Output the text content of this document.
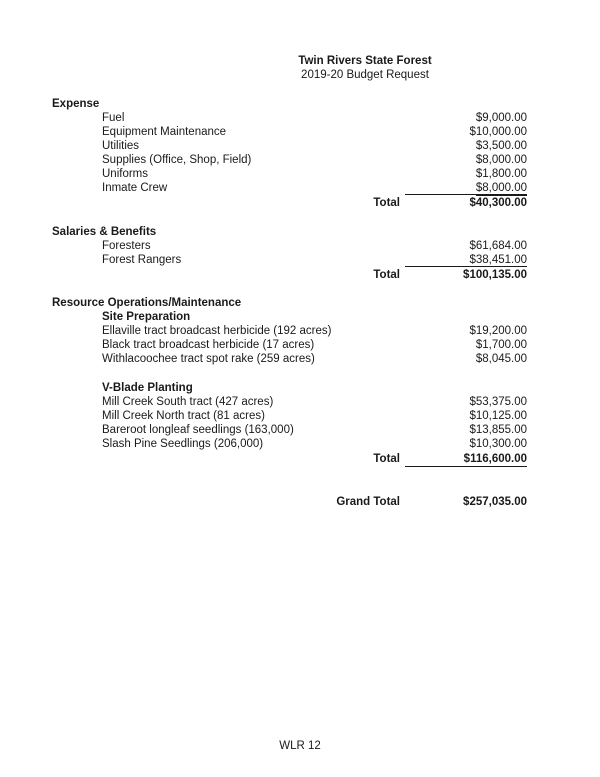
Twin Rivers State Forest
2019-20 Budget Request
Expense
Fuel	$9,000.00
Equipment Maintenance	$10,000.00
Utilities	$3,500.00
Supplies (Office, Shop, Field)	$8,000.00
Uniforms	$1,800.00
Inmate Crew	$8,000.00
Total	$40,300.00
Salaries & Benefits
Foresters	$61,684.00
Forest Rangers	$38,451.00
Total	$100,135.00
Resource Operations/Maintenance
Site Preparation
Ellaville tract broadcast herbicide (192 acres)	$19,200.00
Black tract broadcast herbicide (17 acres)	$1,700.00
Withlacoochee tract spot rake (259 acres)	$8,045.00
V-Blade Planting
Mill Creek South tract (427 acres)	$53,375.00
Mill Creek North tract (81 acres)	$10,125.00
Bareroot longleaf seedlings (163,000)	$13,855.00
Slash Pine Seedlings (206,000)	$10,300.00
Total	$116,600.00
Grand Total	$257,035.00
WLR 12
